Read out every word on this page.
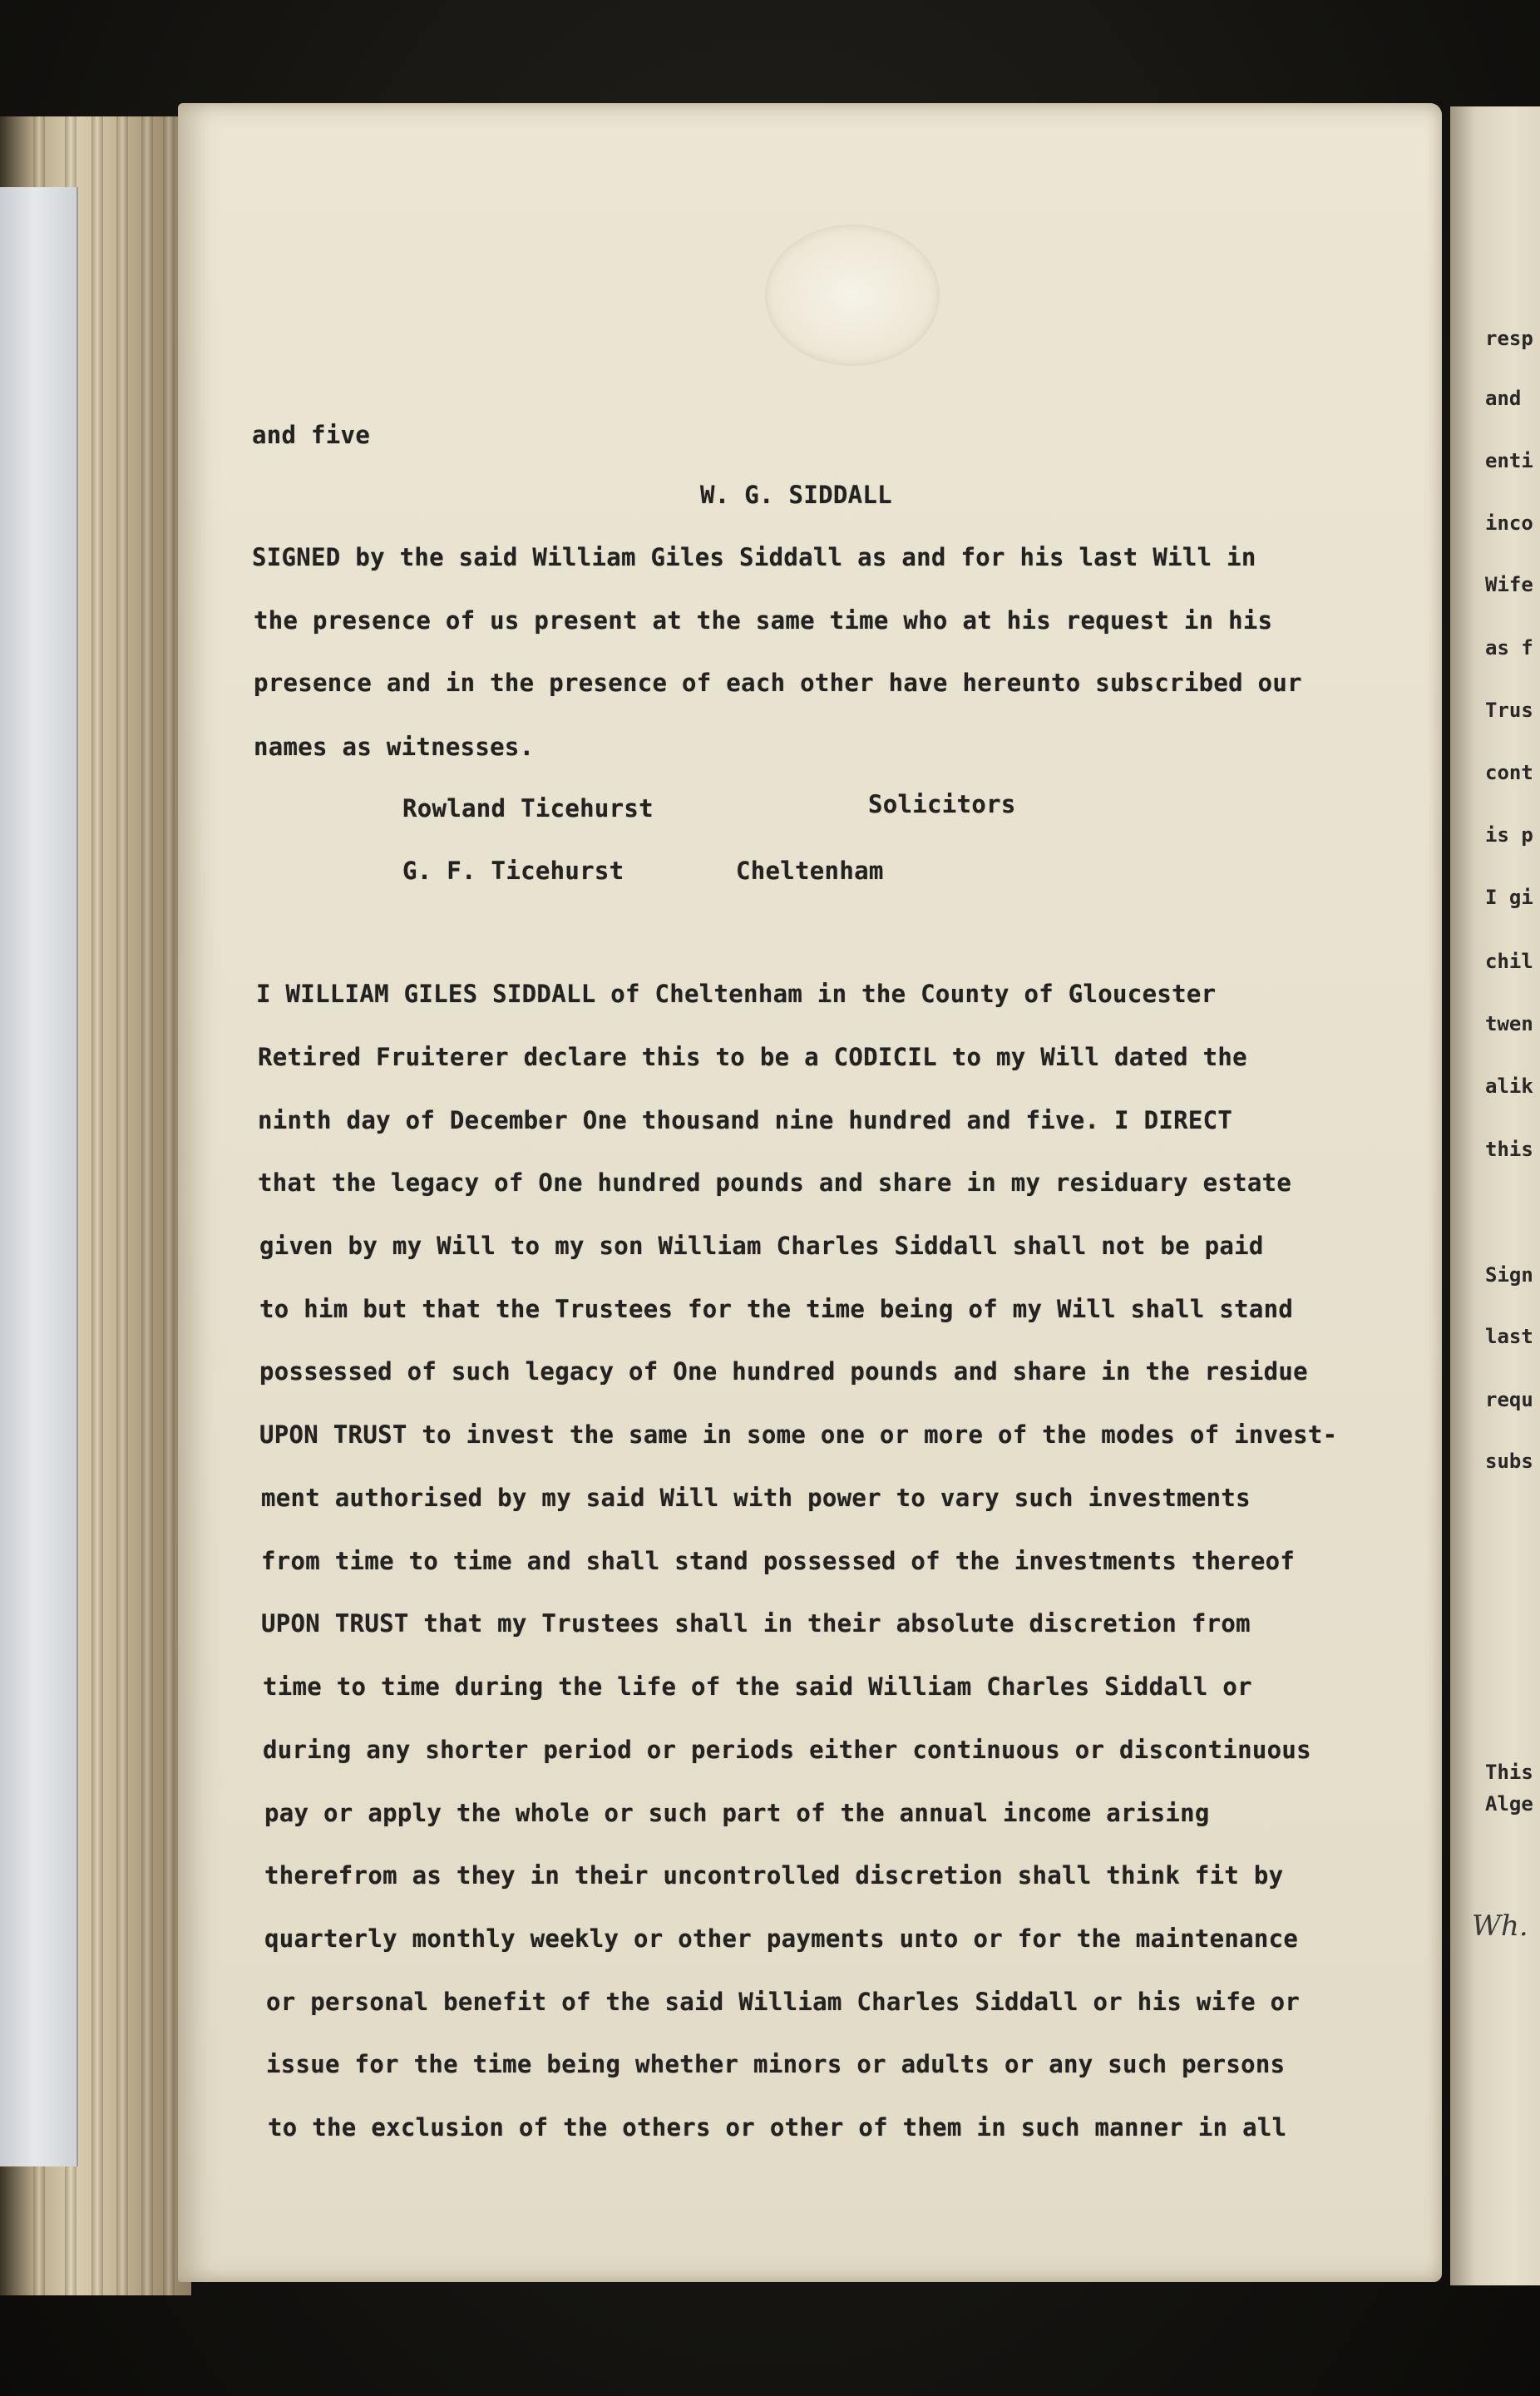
and five
W. G. SIDDALL
SIGNED by the said William Giles Siddall as and for his last Will in
the presence of us present at the same time who at his request in his
presence and in the presence of each other have hereunto subscribed our
names as witnesses.
Rowland Ticehurst	Solicitors
G. F. Ticehurst	Cheltenham
I WILLIAM GILES SIDDALL of Cheltenham in the County of Gloucester
Retired Fruiterer declare this to be a CODICIL to my Will dated the
ninth day of December One thousand nine hundred and five. I DIRECT
that the legacy of One hundred pounds and share in my residuary estate
given by my Will to my son William Charles Siddall shall not be paid
to him but that the Trustees for the time being of my Will shall stand
possessed of such legacy of One hundred pounds and share in the residue
UPON TRUST to invest the same in some one or more of the modes of invest-
ment authorised by my said Will with power to vary such investments
from time to time and shall stand possessed of the investments thereof
UPON TRUST that my Trustees shall in their absolute discretion from
time to time during the life of the said William Charles Siddall or
during any shorter period or periods either continuous or discontinuous
pay or apply the whole or such part of the annual income arising
therefrom as they in their uncontrolled discretion shall think fit by
quarterly monthly weekly or other payments unto or for the maintenance
or personal benefit of the said William Charles Siddall or his wife or
issue for the time being whether minors or adults or any such persons
to the exclusion of the others or other of them in such manner in all
resp
and
enti
inco
Wife
as f
Trus
cont
is p
I gi
chil
twen
alik
this
Sign
last
requ
subs
This
Alge
Wh.
